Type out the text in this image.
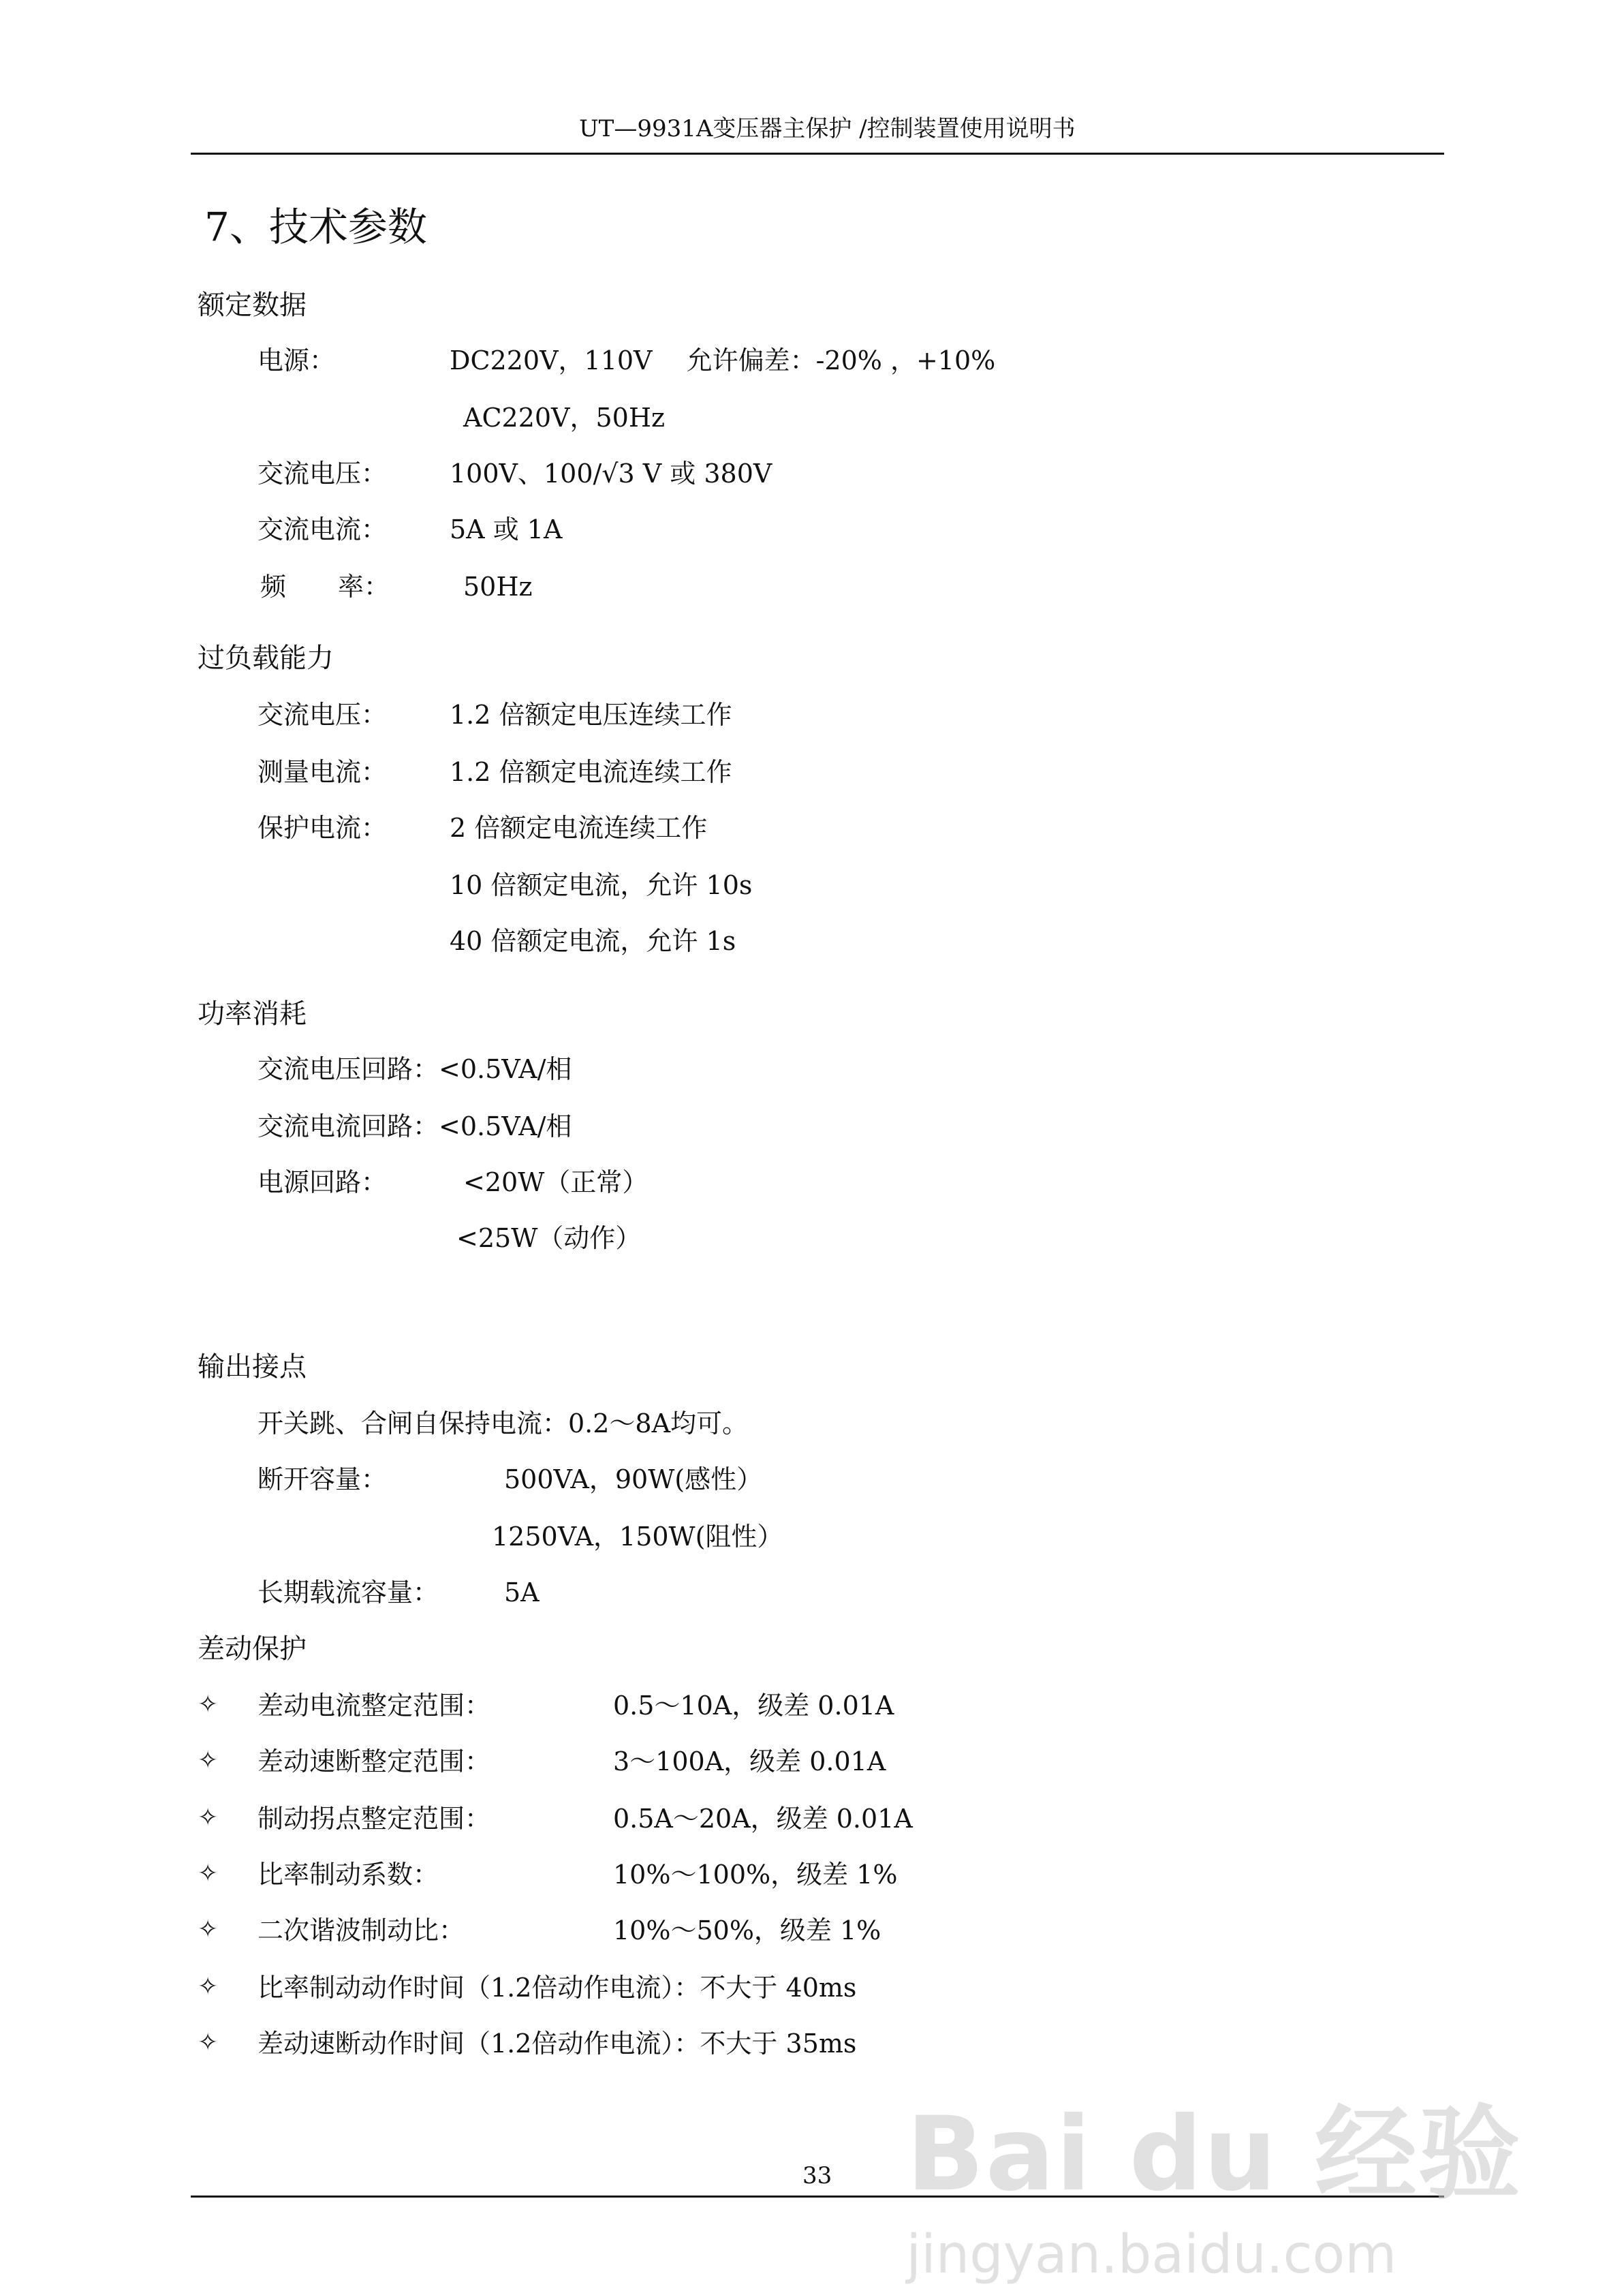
UT—9931A变压器主保护 /控制装置使用说明书
7、技术参数
额定数据
电源：	DC220V，110V　 允许偏差：-20% ，+10%
AC220V，50Hz
交流电压： 100V、100/√3 V 或 380V
交流电流： 5A 或 1A
频　　率：	50Hz
过负载能力
交流电压： 1.2 倍额定电压连续工作
测量电流： 1.2 倍额定电流连续工作
保护电流： 2 倍额定电流连续工作
10 倍额定电流，允许 10s
40 倍额定电流，允许 1s
功率消耗
交流电压回路：<0.5VA/相
交流电流回路：<0.5VA/相
电源回路：	<20W（正常）
<25W（动作）
输出接点
开关跳、合闸自保持电流：0.2～8A均可。
断开容量：	500VA，90W(感性）
1250VA，150W(阻性）
长期载流容量：	5A
差动保护
✧ 差动电流整定范围：	0.5～10A，级差 0.01A
✧ 差动速断整定范围：	3～100A，级差 0.01A
✧ 制动拐点整定范围：	0.5A～20A，级差 0.01A
✧ 比率制动系数：	10%～100%，级差 1%
✧ 二次谐波制动比：	10%～50%，级差 1%
✧ 比率制动动作时间（1.2倍动作电流）：不大于 40ms
✧ 差动速断动作时间（1.2倍动作电流）：不大于 35ms
33 Bai du 经验
jingyan.baidu.com
